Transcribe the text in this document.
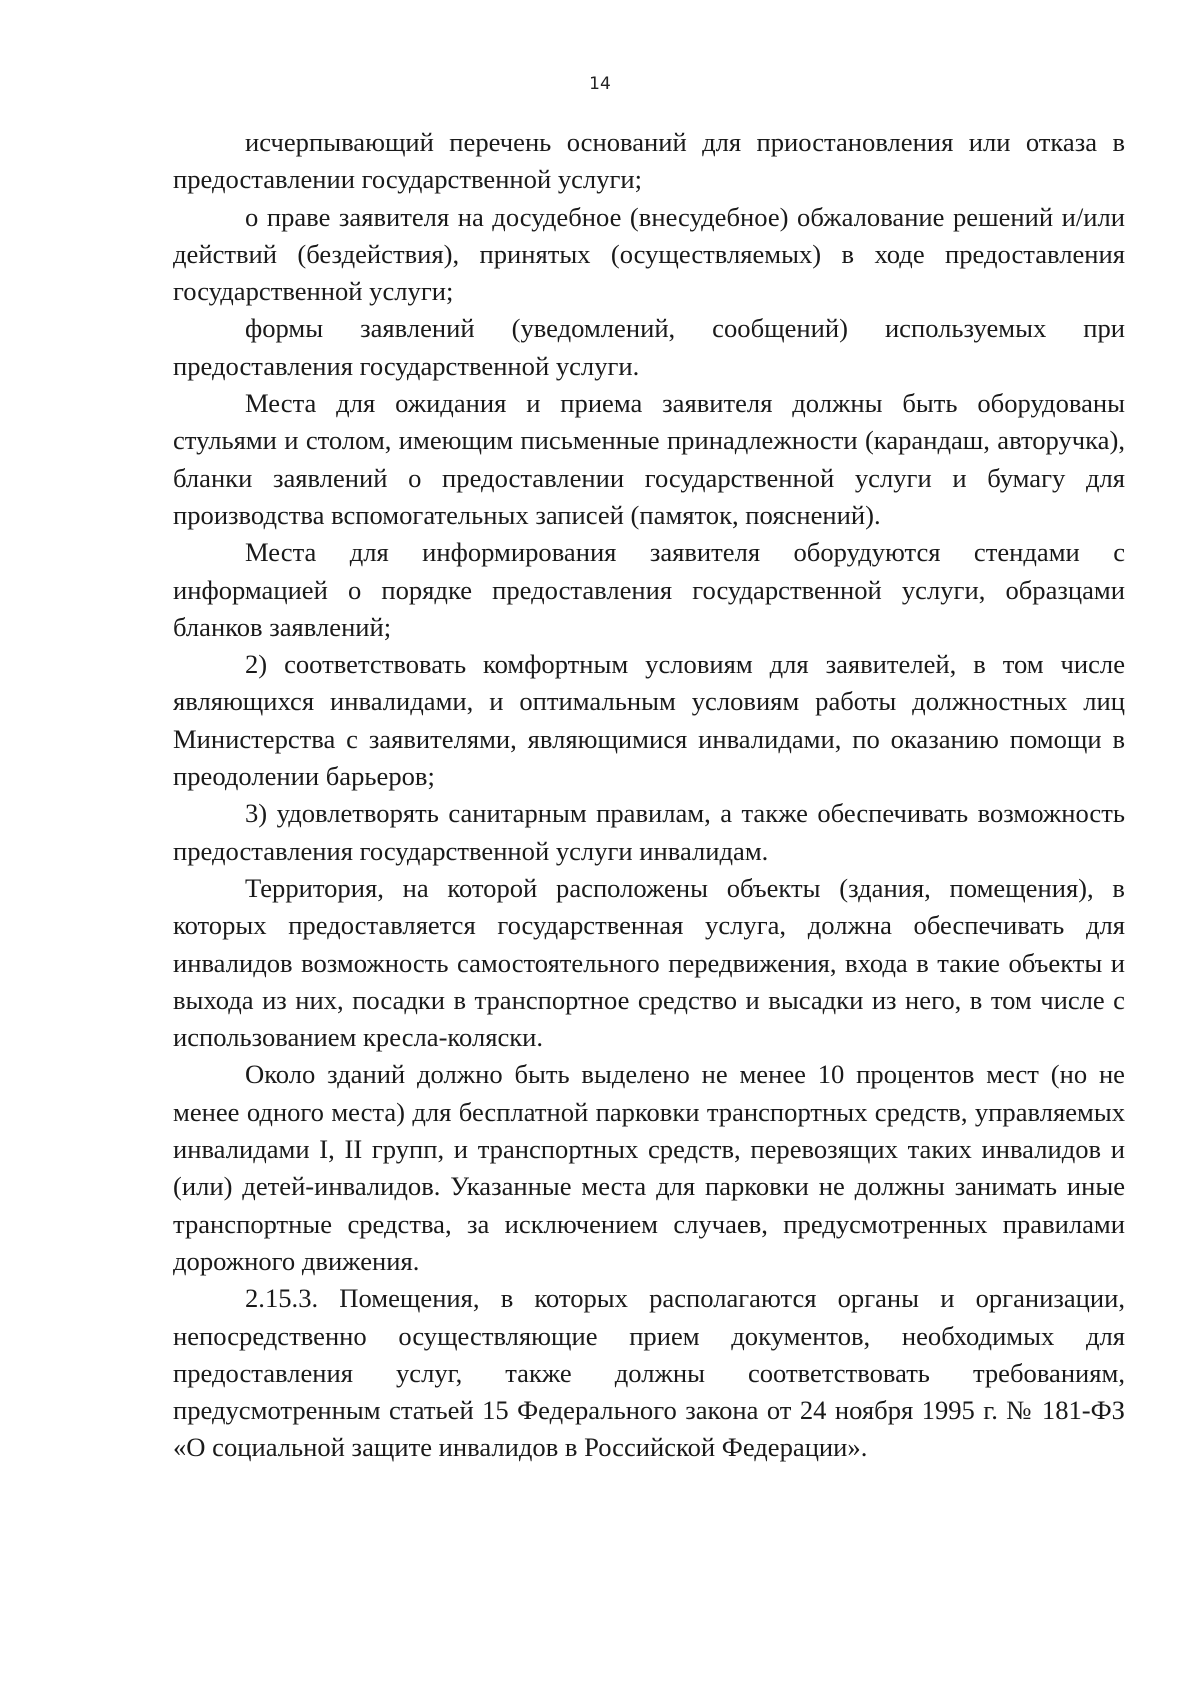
14

исчерпывающий перечень оснований для приостановления или отказа в предоставлении государственной услуги;

о праве заявителя на досудебное (внесудебное) обжалование решений и/или действий (бездействия), принятых (осуществляемых) в ходе предоставления государственной услуги;

формы заявлений (уведомлений, сообщений) используемых при предоставления государственной услуги.

Места для ожидания и приема заявителя должны быть оборудованы стульями и столом, имеющим письменные принадлежности (карандаш, авторучка), бланки заявлений о предоставлении государственной услуги и бумагу для производства вспомогательных записей (памяток, пояснений).

Места для информирования заявителя оборудуются стендами с информацией о порядке предоставления государственной услуги, образцами бланков заявлений;

2) соответствовать комфортным условиям для заявителей, в том числе являющихся инвалидами, и оптимальным условиям работы должностных лиц Министерства с заявителями, являющимися инвалидами, по оказанию помощи в преодолении барьеров;

3) удовлетворять санитарным правилам, а также обеспечивать возможность предоставления государственной услуги инвалидам.

Территория, на которой расположены объекты (здания, помещения), в которых предоставляется государственная услуга, должна обеспечивать для инвалидов возможность самостоятельного передвижения, входа в такие объекты и выхода из них, посадки в транспортное средство и высадки из него, в том числе с использованием кресла-коляски.

Около зданий должно быть выделено не менее 10 процентов мест (но не менее одного места) для бесплатной парковки транспортных средств, управляемых инвалидами I, II групп, и транспортных средств, перевозящих таких инвалидов и (или) детей-инвалидов. Указанные места для парковки не должны занимать иные транспортные средства, за исключением случаев, предусмотренных правилами дорожного движения.

2.15.3. Помещения, в которых располагаются органы и организации, непосредственно осуществляющие прием документов, необходимых для предоставления услуг, также должны соответствовать требованиям, предусмотренным статьей 15 Федерального закона от 24 ноября 1995 г. № 181-ФЗ «О социальной защите инвалидов в Российской Федерации».
